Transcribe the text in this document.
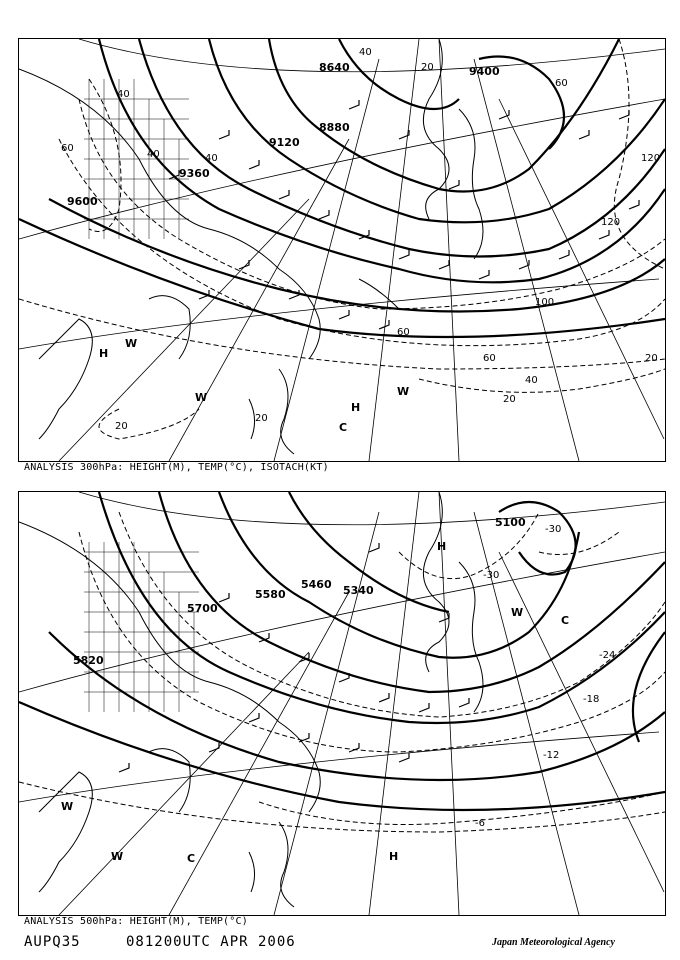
8640
8880
9120
9360
9600
9400
40
60
20
120
120
100
60
60	20
40
20
20
20
40
40
60
40
H
W
W
H
C
W
ANALYSIS 300hPa: HEIGHT(M), TEMP(°C), ISOTACH(KT)
5100
5340
5460
5580
5700
5820
-30
-24
-18
-12
-6
-30
H
W
C
W
W	C	H
ANALYSIS 500hPa: HEIGHT(M), TEMP(°C)
AUPQ35	081200UTC APR 2006	Japan Meteorological Agency
